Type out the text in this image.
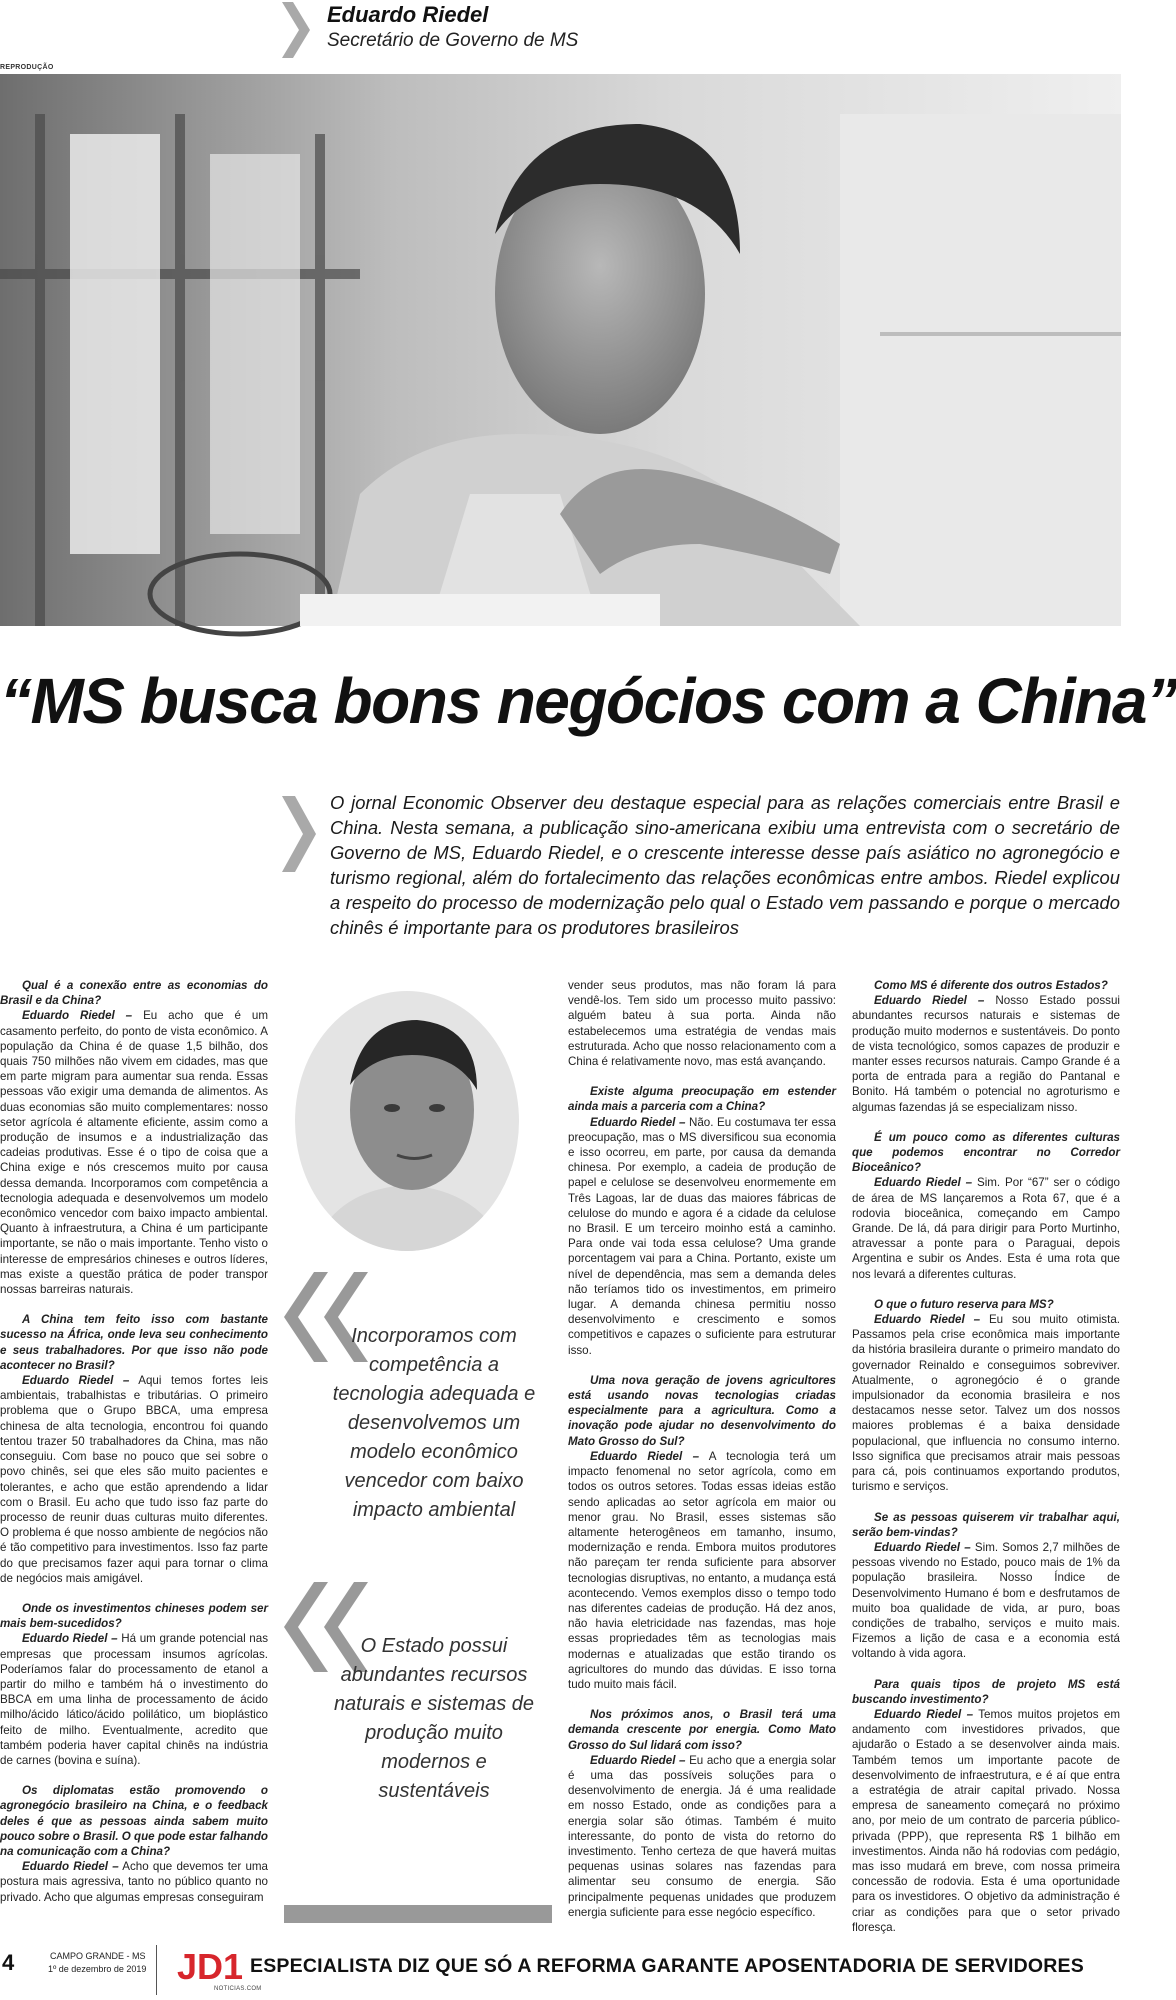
Eduardo Riedel
Secretário de Governo de MS
REPRODUÇÃO
“MS busca bons negócios com a China”

O jornal Economic Observer deu destaque especial para as relações comerciais entre Brasil e China. Nesta semana, a publicação sino-americana exibiu uma entrevista com o secretário de Governo de MS, Eduardo Riedel, e o crescente interesse desse país asiático no agronegócio e turismo regional, além do fortalecimento das relações econômicas entre ambos. Riedel explicou a respeito do processo de modernização pelo qual o Estado vem passando e porque o mercado chinês é importante para os produtores brasileiros

Qual é a conexão entre as economias do Brasil e da China?

Eduardo Riedel – Eu acho que é um casamento perfeito, do ponto de vista econômico. A população da China é de quase 1,5 bilhão, dos quais 750 milhões não vivem em cidades, mas que em parte migram para aumentar sua renda. Essas pessoas vão exigir uma demanda de alimentos. As duas economias são muito complementares: nosso setor agrícola é altamente eficiente, assim como a produção de insumos e a industrialização das cadeias produtivas. Esse é o tipo de coisa que a China exige e nós crescemos muito por causa dessa demanda. Incorporamos com competência a tecnologia adequada e desenvolvemos um modelo econômico vencedor com baixo impacto ambiental. Quanto à infraestrutura, a China é um participante importante, se não o mais importante. Tenho visto o interesse de empresários chineses e outros líderes, mas existe a questão prática de poder transpor nossas barreiras naturais.

A China tem feito isso com bastante sucesso na África, onde leva seu conhecimento e seus trabalhadores. Por que isso não pode acontecer no Brasil?

Eduardo Riedel – Aqui temos fortes leis ambientais, trabalhistas e tributárias. O primeiro problema que o Grupo BBCA, uma empresa chinesa de alta tecnologia, encontrou foi quando tentou trazer 50 trabalhadores da China, mas não conseguiu. Com base no pouco que sei sobre o povo chinês, sei que eles são muito pacientes e tolerantes, e acho que estão aprendendo a lidar com o Brasil. Eu acho que tudo isso faz parte do processo de reunir duas culturas muito diferentes. O problema é que nosso ambiente de negócios não é tão competitivo para investimentos. Isso faz parte do que precisamos fazer aqui para tornar o clima de negócios mais amigável.

Onde os investimentos chineses podem ser mais bem-sucedidos?

Eduardo Riedel – Há um grande potencial nas empresas que processam insumos agrícolas. Poderíamos falar do processamento de etanol a partir do milho e também há o investimento do BBCA em uma linha de processamento de ácido milho/ácido lático/ácido polilático, um bioplástico feito de milho. Eventualmente, acredito que também poderia haver capital chinês na indústria de carnes (bovina e suína).

Os diplomatas estão promovendo o agronegócio brasileiro na China, e o feedback deles é que as pessoas ainda sabem muito pouco sobre o Brasil. O que pode estar falhando na comunicação com a China?

Eduardo Riedel – Acho que devemos ter uma postura mais agressiva, tanto no público quanto no privado. Acho que algumas empresas conseguiram

Incorporamos com competência a tecnologia adequada e desenvolvemos um modelo econômico vencedor com baixo impacto ambiental

O Estado possui abundantes recursos naturais e sistemas de produção muito modernos e sustentáveis

vender seus produtos, mas não foram lá para vendê-los. Tem sido um processo muito passivo: alguém bateu à sua porta. Ainda não estabelecemos uma estratégia de vendas mais estruturada. Acho que nosso relacionamento com a China é relativamente novo, mas está avançando.

Existe alguma preocupação em estender ainda mais a parceria com a China?

Eduardo Riedel – Não. Eu costumava ter essa preocupação, mas o MS diversificou sua economia e isso ocorreu, em parte, por causa da demanda chinesa. Por exemplo, a cadeia de produção de papel e celulose se desenvolveu enormemente em Três Lagoas, lar de duas das maiores fábricas de celulose do mundo e agora é a cidade da celulose no Brasil. E um terceiro moinho está a caminho. Para onde vai toda essa celulose? Uma grande porcentagem vai para a China. Portanto, existe um nível de dependência, mas sem a demanda deles não teríamos tido os investimentos, em primeiro lugar. A demanda chinesa permitiu nosso desenvolvimento e crescimento e somos competitivos e capazes o suficiente para estruturar isso.

Uma nova geração de jovens agricultores está usando novas tecnologias criadas especialmente para a agricultura. Como a inovação pode ajudar no desenvolvimento do Mato Grosso do Sul?

Eduardo Riedel – A tecnologia terá um impacto fenomenal no setor agrícola, como em todos os outros setores. Todas essas ideias estão sendo aplicadas ao setor agrícola em maior ou menor grau. No Brasil, esses sistemas são altamente heterogêneos em tamanho, insumo, modernização e renda. Embora muitos produtores não pareçam ter renda suficiente para absorver tecnologias disruptivas, no entanto, a mudança está acontecendo. Vemos exemplos disso o tempo todo nas diferentes cadeias de produção. Há dez anos, não havia eletricidade nas fazendas, mas hoje essas propriedades têm as tecnologias mais modernas e atualizadas que estão tirando os agricultores do mundo das dúvidas. E isso torna tudo muito mais fácil.

Nos próximos anos, o Brasil terá uma demanda crescente por energia. Como Mato Grosso do Sul lidará com isso?

Eduardo Riedel – Eu acho que a energia solar é uma das possíveis soluções para o desenvolvimento de energia. Já é uma realidade em nosso Estado, onde as condições para a energia solar são ótimas. Também é muito interessante, do ponto de vista do retorno do investimento. Tenho certeza de que haverá muitas pequenas usinas solares nas fazendas para alimentar seu consumo de energia. São principalmente pequenas unidades que produzem energia suficiente para esse negócio específico.

Como MS é diferente dos outros Estados?

Eduardo Riedel – Nosso Estado possui abundantes recursos naturais e sistemas de produção muito modernos e sustentáveis. Do ponto de vista tecnológico, somos capazes de produzir e manter esses recursos naturais. Campo Grande é a porta de entrada para a região do Pantanal e Bonito. Há também o potencial no agroturismo e algumas fazendas já se especializam nisso.

É um pouco como as diferentes culturas que podemos encontrar no Corredor Bioceânico?

Eduardo Riedel – Sim. Por “67” ser o código de área de MS lançaremos a Rota 67, que é a rodovia bioceânica, começando em Campo Grande. De lá, dá para dirigir para Porto Murtinho, atravessar a ponte para o Paraguai, depois Argentina e subir os Andes. Esta é uma rota que nos levará a diferentes culturas.

O que o futuro reserva para MS?

Eduardo Riedel – Eu sou muito otimista. Passamos pela crise econômica mais importante da história brasileira durante o primeiro mandato do governador Reinaldo e conseguimos sobreviver. Atualmente, o agronegócio é o grande impulsionador da economia brasileira e nos destacamos nesse setor. Talvez um dos nossos maiores problemas é a baixa densidade populacional, que influencia no consumo interno. Isso significa que precisamos atrair mais pessoas para cá, pois continuamos exportando produtos, turismo e serviços.

Se as pessoas quiserem vir trabalhar aqui, serão bem-vindas?

Eduardo Riedel – Sim. Somos 2,7 milhões de pessoas vivendo no Estado, pouco mais de 1% da população brasileira. Nosso Índice de Desenvolvimento Humano é bom e desfrutamos de muito boa qualidade de vida, ar puro, boas condições de trabalho, serviços e muito mais. Fizemos a lição de casa e a economia está voltando à vida agora.

Para quais tipos de projeto MS está buscando investimento?

Eduardo Riedel – Temos muitos projetos em andamento com investidores privados, que ajudarão o Estado a se desenvolver ainda mais. Também temos um importante pacote de desenvolvimento de infraestrutura, e é aí que entra a estratégia de atrair capital privado. Nossa empresa de saneamento começará no próximo ano, por meio de um contrato de parceria público-privada (PPP), que representa R$ 1 bilhão em investimentos. Ainda não há rodovias com pedágio, mas isso mudará em breve, com nossa primeira concessão de rodovia. Esta é uma oportunidade para os investidores. O objetivo da administração é criar as condições para que o setor privado floresça.

4	CAMPO GRANDE - MS
1º de dezembro de 2019 JD1
NOTICIAS.COM
ESPECIALISTA DIZ QUE SÓ A REFORMA GARANTE APOSENTADORIA DE SERVIDORES
